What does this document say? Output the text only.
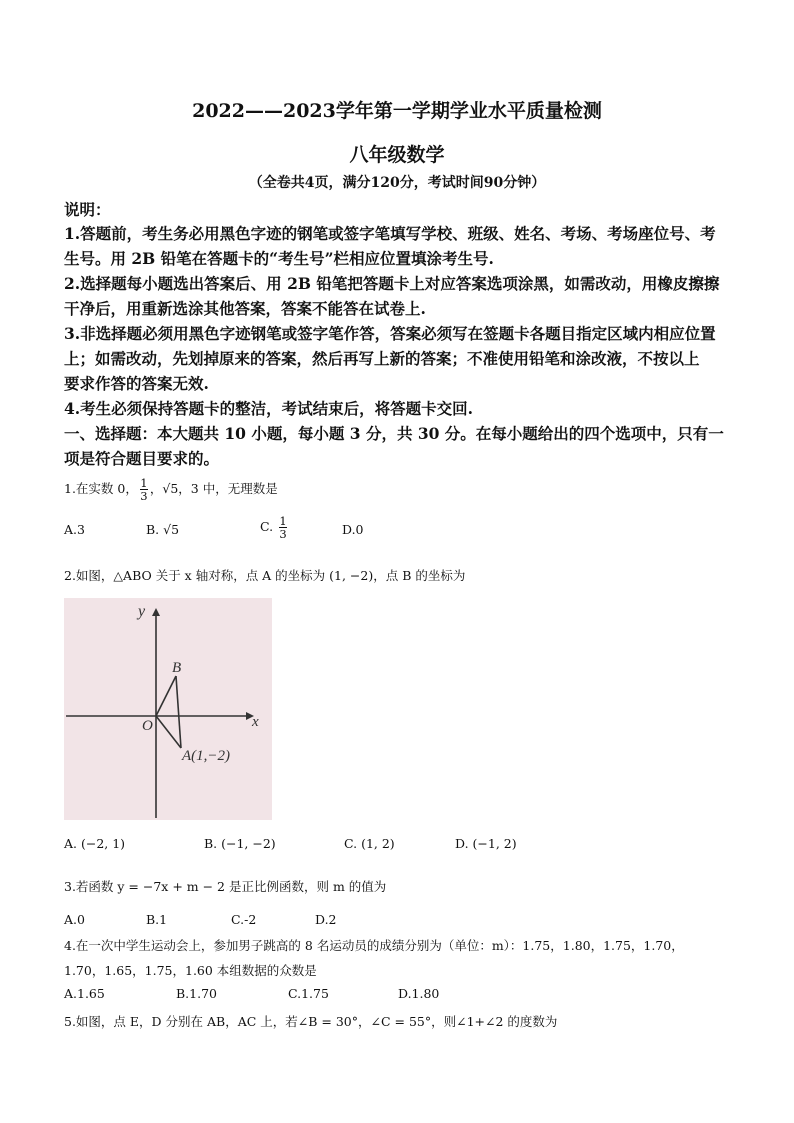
2022——2023学年第一学期学业水平质量检测
八年级数学
（全卷共4页，满分120分，考试时间90分钟）
说明：
1.答题前，考生务必用黑色字迹的钢笔或签字笔填写学校、班级、姓名、考场、考场座位号、考
生号。用 2B 铅笔在答题卡的“考生号”栏相应位置填涂考生号.
2.选择题每小题选出答案后、用 2B 铅笔把答题卡上对应答案选项涂黑，如需改动，用橡皮擦擦
干净后，用重新选涂其他答案，答案不能答在试卷上.
3.非选择题必须用黑色字迹钢笔或签字笔作答，答案必须写在签题卡各题目指定区域内相应位置
上；如需改动，先划掉原来的答案，然后再写上新的答案；不准使用铅笔和涂改液，不按以上
要求作答的答案无效.
4.考生必须保持答题卡的整洁，考试结束后，将答题卡交回.
一、选择题：本大题共 10 小题，每小题 3 分，共 30 分。在每小题给出的四个选项中，只有一
项是符合题目要求的。
1.在实数 0， $\frac{1}{3}$ ，√5，3 中，无理数是
A.3	B. √5	C. $\frac{1}{3}$	D.0
2.如图，△ABO 关于 x 轴对称，点 A 的坐标为 (1, −2)，点 B 的坐标为
y
x
O
B
A(1,−2)
A. (−2, 1)	B. (−1, −2)	C. (1, 2)	D. (−1, 2)
3.若函数 y = −7x + m − 2 是正比例函数，则 m 的值为
A.0	B.1	C.-2	D.2
4.在一次中学生运动会上，参加男子跳高的 8 名运动员的成绩分别为（单位：m）：1.75，1.80，1.75，1.70，
1.70，1.65，1.75，1.60 本组数据的众数是
A.1.65	B.1.70	C.1.75	D.1.80
5.如图，点 E，D 分别在 AB，AC 上，若∠B = 30°，∠C = 55°，则∠1+∠2 的度数为
